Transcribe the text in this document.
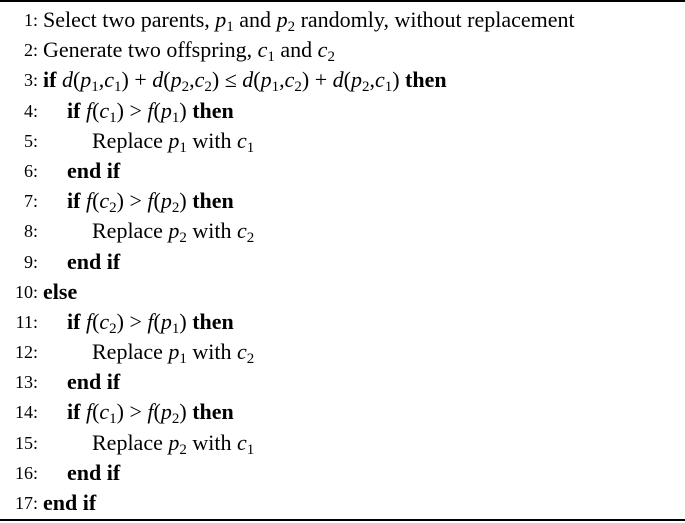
1: Select two parents, $p_1$ and $p_2$ randomly, without replacement
2: Generate two offspring, $c_1$ and $c_2$
3: if $d(p_1,c_1) + d(p_2,c_2) \le d(p_1,c_2) + d(p_2,c_1)$ then
4: if $f(c_1) > f(p_1)$ then
5: Replace $p_1$ with $c_1$
6: end if
7: if $f(c_2) > f(p_2)$ then
8: Replace $p_2$ with $c_2$
9: end if
10: else
11: if $f(c_2) > f(p_1)$ then
12: Replace $p_1$ with $c_2$
13: end if
14: if $f(c_1) > f(p_2)$ then
15: Replace $p_2$ with $c_1$
16: end if
17: end if
